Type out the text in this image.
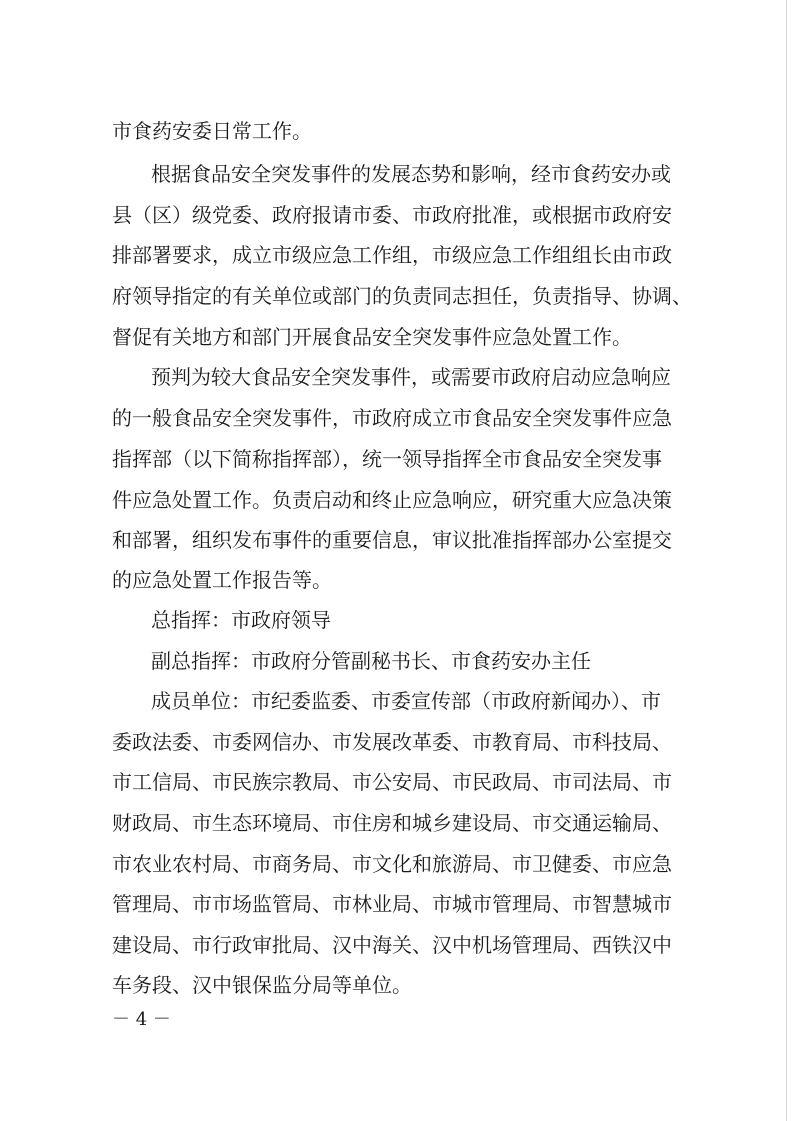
市食药安委日常工作。
根据食品安全突发事件的发展态势和影响，经市食药安办或
县（区）级党委、政府报请市委、市政府批准，或根据市政府安
排部署要求，成立市级应急工作组，市级应急工作组组长由市政
府领导指定的有关单位或部门的负责同志担任，负责指导、协调、
督促有关地方和部门开展食品安全突发事件应急处置工作。
预判为较大食品安全突发事件，或需要市政府启动应急响应
的一般食品安全突发事件，市政府成立市食品安全突发事件应急
指挥部（以下简称指挥部），统一领导指挥全市食品安全突发事
件应急处置工作。负责启动和终止应急响应，研究重大应急决策
和部署，组织发布事件的重要信息，审议批准指挥部办公室提交
的应急处置工作报告等。
总指挥：市政府领导
副总指挥：市政府分管副秘书长、市食药安办主任
成员单位：市纪委监委、市委宣传部（市政府新闻办）、市
委政法委、市委网信办、市发展改革委、市教育局、市科技局、
市工信局、市民族宗教局、市公安局、市民政局、市司法局、市
财政局、市生态环境局、市住房和城乡建设局、市交通运输局、
市农业农村局、市商务局、市文化和旅游局、市卫健委、市应急
管理局、市市场监管局、市林业局、市城市管理局、市智慧城市
建设局、市行政审批局、汉中海关、汉中机场管理局、西铁汉中
车务段、汉中银保监分局等单位。
－ 4 －
